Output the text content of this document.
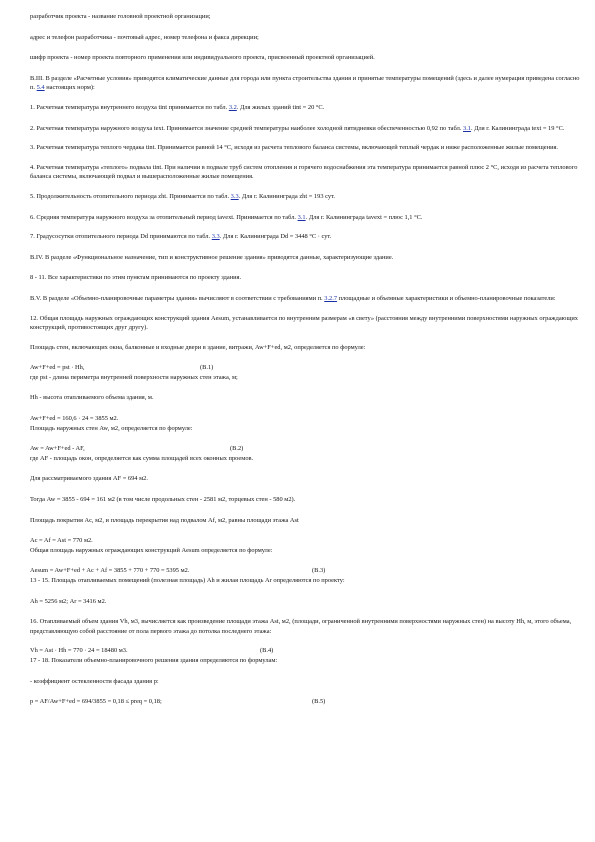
разработчик проекта - название головной проектной организации;

адрес и телефон разработчика - почтовый адрес, номер телефона и факса дирекции;

шифр проекта - номер проекта повторного применения или индивидуального проекта, присвоенный проектной организацией.

В.III. В разделе «Расчетные условия» приводятся климатические данные для города или пункта строительства здания и принятые температуры помещений (здесь и далее нумерация приведена согласно п. 5.4 настоящих норм):

1. Расчетная температура внутреннего воздуха tint принимается по табл. 3.2. Для жилых зданий tint = 20 °С.

2. Расчетная температура наружного воздуха text. Принимается значение средней температуры наиболее холодной пятидневки обеспеченностью 0,92 по табл. 3.1. Для г. Калининграда text = 19 °С.

3. Расчетная температура теплого чердака tint. Принимается равной 14 °С, исходя из расчета теплового баланса системы, включающей теплый чердак и ниже расположенные жилые помещения.

4. Расчетная температура «теплого» подвала tint. При наличии в подвале труб систем отопления и горячего водоснабжения эта температура принимается равной плюс 2 °С, исходя из расчета теплового баланса системы, включающей подвал и вышерасположенные жилые помещения.

5. Продолжительность отопительного периода zht. Принимается по табл. 3.3. Для г. Калининграда zht = 193 сут.

6. Средняя температура наружного воздуха за отопительный период tavext. Принимается по табл. 3.1. Для г. Калининграда tavext = плюс 1,1 °С.

7. Градусосутки отопительного периода Dd принимаются по табл. 3.3. Для г. Калининграда Dd = 3448 °С · сут.

В.IV. В разделе «Функциональное назначение, тип и конструктивное решение здания» приводятся данные, характеризующие здание.

8 - 11. Все характеристики по этим пунктам принимаются по проекту здания.

В.V. В разделе «Объемно-планировочные параметры здания» вычисляют в соответствии с требованиями п. 3.2.7 площадные и объемные характеристики и объемно-планировочные показатели:

12. Общая площадь наружных ограждающих конструкций здания Aesum, устанавливается по внутренним размерам «в свету» (расстояния между внутренними поверхностями наружных ограждающих конструкций, противостоящих друг другу).

Площадь стен, включающих окна, балконные и входные двери в здание, витражи, Aw+F+ed, м2, определяется по формуле:

Aw+F+ed = pst · Hh,	(В.1)

где pst - длина периметра внутренней поверхности наружных стен этажа, м;

Hh - высота отапливаемого объема здания, м.

Aw+F+ed = 160,6 · 24 = 3855 м2.

Площадь наружных стен Aw, м2, определяется по формуле:

Aw = Aw+F+ed - AF,	(В.2)

где AF - площадь окон, определяется как сумма площадей всех оконных проемов.

Для рассматриваемого здания AF = 694 м2.

Тогда Aw = 3855 - 694 = 161 м2 (в том числе продольных стен - 2581 м2, торцевых стен - 580 м2).

Площадь покрытия Ac, м2, и площадь перекрытия над подвалом Af, м2, равны площади этажа Ast

Ac = Af = Ast = 770 м2.

Общая площадь наружных ограждающих конструкций Aesum определяется по формуле:

Aesum = Aw+F+ed + Ac + Af = 3855 + 770 + 770 = 5395 м2.	(В.3)

13 - 15. Площадь отапливаемых помещений (полезная площадь) Ah и жилая площадь Ar определяются по проекту:

Ah = 5256 м2; Ar = 3416 м2.

16. Отапливаемый объем здания Vh, м3, вычисляется как произведение площади этажа Ast, м2, (площади, ограниченной внутренними поверхностями наружных стен) на высоту Hh, м, этого объема, представляющую собой расстояние от пола первого этажа до потолка последнего этажа:

Vh = Ast · Hh = 770 · 24 = 18480 м3.	(В.4)

17 - 18. Показатели объемно-планировочного решения здания определяются по формулам:

- коэффициент остекленности фасада здания p:

p = AF/Aw+F+ed = 694/3855 = 0,18 ≤ preq = 0,18;	(В.5)
